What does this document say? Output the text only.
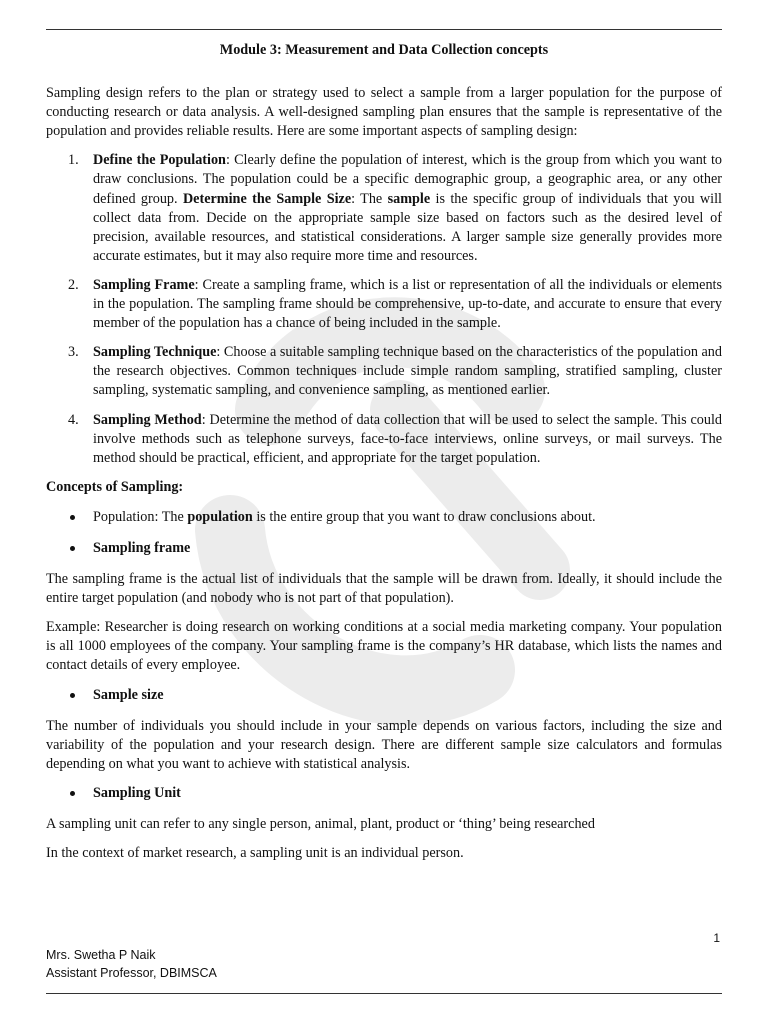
Module 3: Measurement and Data Collection concepts

Sampling design refers to the plan or strategy used to select a sample from a larger population for the purpose of conducting research or data analysis. A well-designed sampling plan ensures that the sample is representative of the population and provides reliable results. Here are some important aspects of sampling design:

1. Define the Population: Clearly define the population of interest, which is the group from which you want to draw conclusions. The population could be a specific demographic group, a geographic area, or any other defined group. Determine the Sample Size: The sample is the specific group of individuals that you will collect data from. Decide on the appropriate sample size based on factors such as the desired level of precision, available resources, and statistical considerations. A larger sample size generally provides more accurate estimates, but it may also require more time and resources.
2. Sampling Frame: Create a sampling frame, which is a list or representation of all the individuals or elements in the population. The sampling frame should be comprehensive, up-to-date, and accurate to ensure that every member of the population has a chance of being included in the sample.
3. Sampling Technique: Choose a suitable sampling technique based on the characteristics of the population and the research objectives. Common techniques include simple random sampling, stratified sampling, cluster sampling, systematic sampling, and convenience sampling, as mentioned earlier.
4. Sampling Method: Determine the method of data collection that will be used to select the sample. This could involve methods such as telephone surveys, face-to-face interviews, online surveys, or mail surveys. The method should be practical, efficient, and appropriate for the target population.
Concepts of Sampling:
Population: The population is the entire group that you want to draw conclusions about.
Sampling frame

The sampling frame is the actual list of individuals that the sample will be drawn from. Ideally, it should include the entire target population (and nobody who is not part of that population).

Example: Researcher is doing research on working conditions at a social media marketing company. Your population is all 1000 employees of the company. Your sampling frame is the company’s HR database, which lists the names and contact details of every employee.

Sample size

The number of individuals you should include in your sample depends on various factors, including the size and variability of the population and your research design. There are different sample size calculators and formulas depending on what you want to achieve with statistical analysis.

Sampling Unit

A sampling unit can refer to any single person, animal, plant, product or ‘thing’ being researched

In the context of market research, a sampling unit is an individual person.

1
Mrs. Swetha P Naik
Assistant Professor, DBIMSCA
